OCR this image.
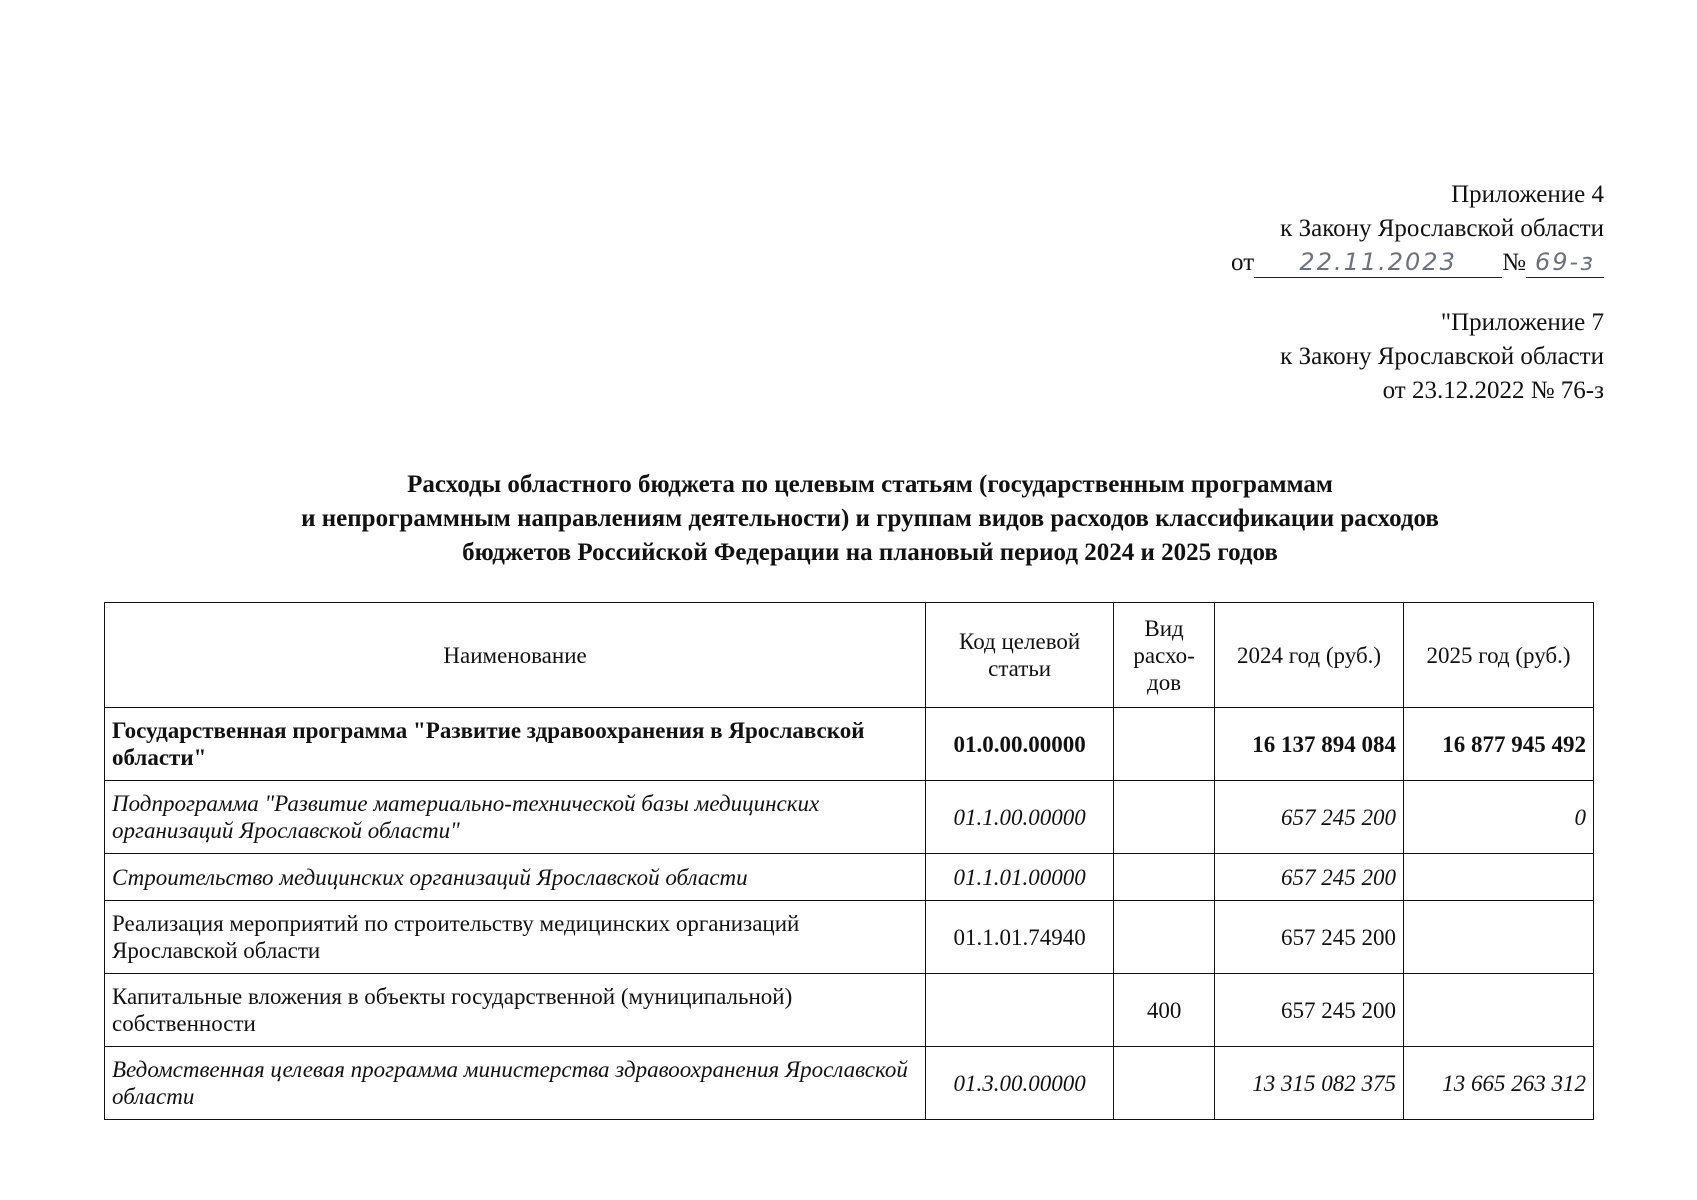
Приложение 4
к Закону Ярославской области
от 22.11.2023 № 69-з
"Приложение 7
к Закону Ярославской области
от 23.12.2022 № 76-з
Расходы областного бюджета по целевым статьям (государственным программам
и непрограммным направлениям деятельности) и группам видов расходов классификации расходов
бюджетов Российской Федерации на плановый период 2024 и 2025 годов
Наименование	Код целевой статьи	Вид расхо- дов	2024 год (руб.)	2025 год (руб.)
Государственная программа "Развитие здравоохранения в Ярославской области"	01.0.00.00000		16 137 894 084	16 877 945 492
Подпрограмма "Развитие материально-технической базы медицинских организаций Ярославской области"	01.1.00.00000		657 245 200	0
Строительство медицинских организаций Ярославской области	01.1.01.00000		657 245 200	
Реализация мероприятий по строительству медицинских организаций Ярославской области	01.1.01.74940		657 245 200	
Капитальные вложения в объекты государственной (муниципальной) собственности		400	657 245 200	
Ведомственная целевая программа министерства здравоохранения Ярославской области	01.3.00.00000		13 315 082 375	13 665 263 312
